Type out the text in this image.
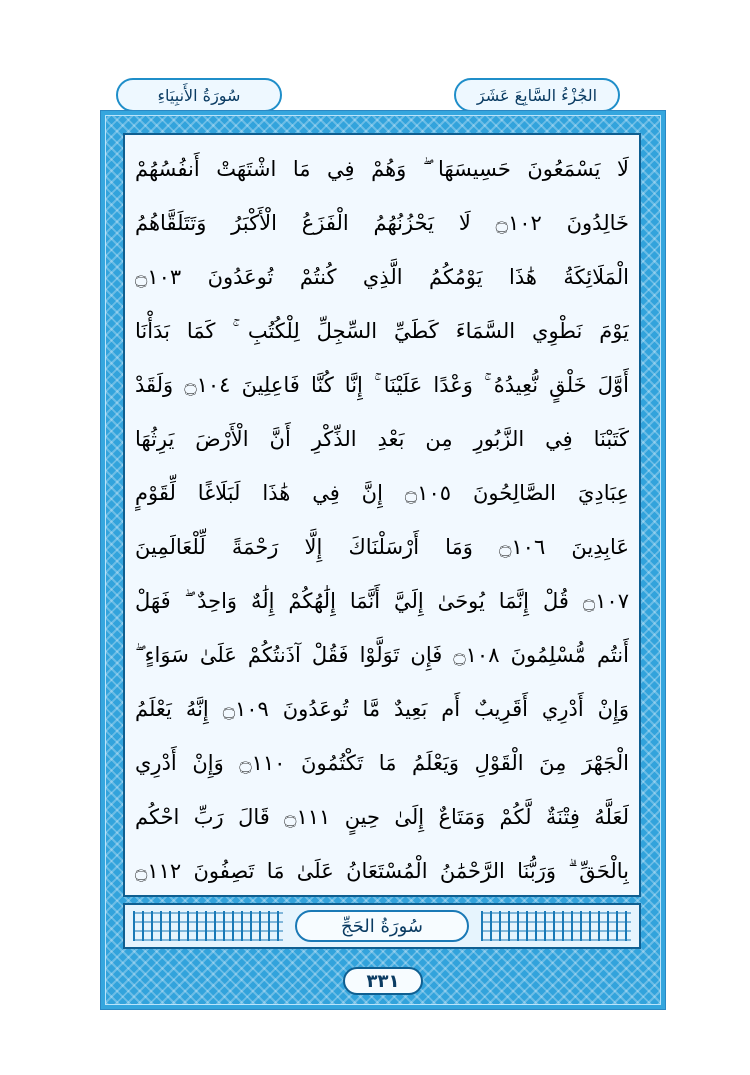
الجُزْءُ السَّابِعَ عَشَرَ
سُورَةُ الأَنبِيَاءِ
لَا يَسْمَعُونَ حَسِيسَهَا ۖ وَهُمْ فِي مَا اشْتَهَتْ أَنفُسُهُمْ
خَالِدُونَ ۝١٠٢ لَا يَحْزُنُهُمُ الْفَزَعُ الْأَكْبَرُ وَتَتَلَقَّاهُمُ
الْمَلَائِكَةُ هَٰذَا يَوْمُكُمُ الَّذِي كُنتُمْ تُوعَدُونَ ۝١٠٣
يَوْمَ نَطْوِي السَّمَاءَ كَطَيِّ السِّجِلِّ لِلْكُتُبِ ۚ كَمَا بَدَأْنَا
أَوَّلَ خَلْقٍ نُّعِيدُهُ ۚ وَعْدًا عَلَيْنَا ۚ إِنَّا كُنَّا فَاعِلِينَ ۝١٠٤ وَلَقَدْ
كَتَبْنَا فِي الزَّبُورِ مِن بَعْدِ الذِّكْرِ أَنَّ الْأَرْضَ يَرِثُهَا
عِبَادِيَ الصَّالِحُونَ ۝١٠٥ إِنَّ فِي هَٰذَا لَبَلَاغًا لِّقَوْمٍ
عَابِدِينَ ۝١٠٦ وَمَا أَرْسَلْنَاكَ إِلَّا رَحْمَةً لِّلْعَالَمِينَ
۝١٠٧ قُلْ إِنَّمَا يُوحَىٰ إِلَيَّ أَنَّمَا إِلَٰهُكُمْ إِلَٰهٌ وَاحِدٌ ۖ فَهَلْ
أَنتُم مُّسْلِمُونَ ۝١٠٨ فَإِن تَوَلَّوْا فَقُلْ آذَنتُكُمْ عَلَىٰ سَوَاءٍ ۖ
وَإِنْ أَدْرِي أَقَرِيبٌ أَم بَعِيدٌ مَّا تُوعَدُونَ ۝١٠٩ إِنَّهُ يَعْلَمُ
الْجَهْرَ مِنَ الْقَوْلِ وَيَعْلَمُ مَا تَكْتُمُونَ ۝١١٠ وَإِنْ أَدْرِي
لَعَلَّهُ فِتْنَةٌ لَّكُمْ وَمَتَاعٌ إِلَىٰ حِينٍ ۝١١١ قَالَ رَبِّ احْكُم
بِالْحَقِّ ۗ وَرَبُّنَا الرَّحْمَٰنُ الْمُسْتَعَانُ عَلَىٰ مَا تَصِفُونَ ۝١١٢
سُورَةُ الحَجِّ
٣٣١
